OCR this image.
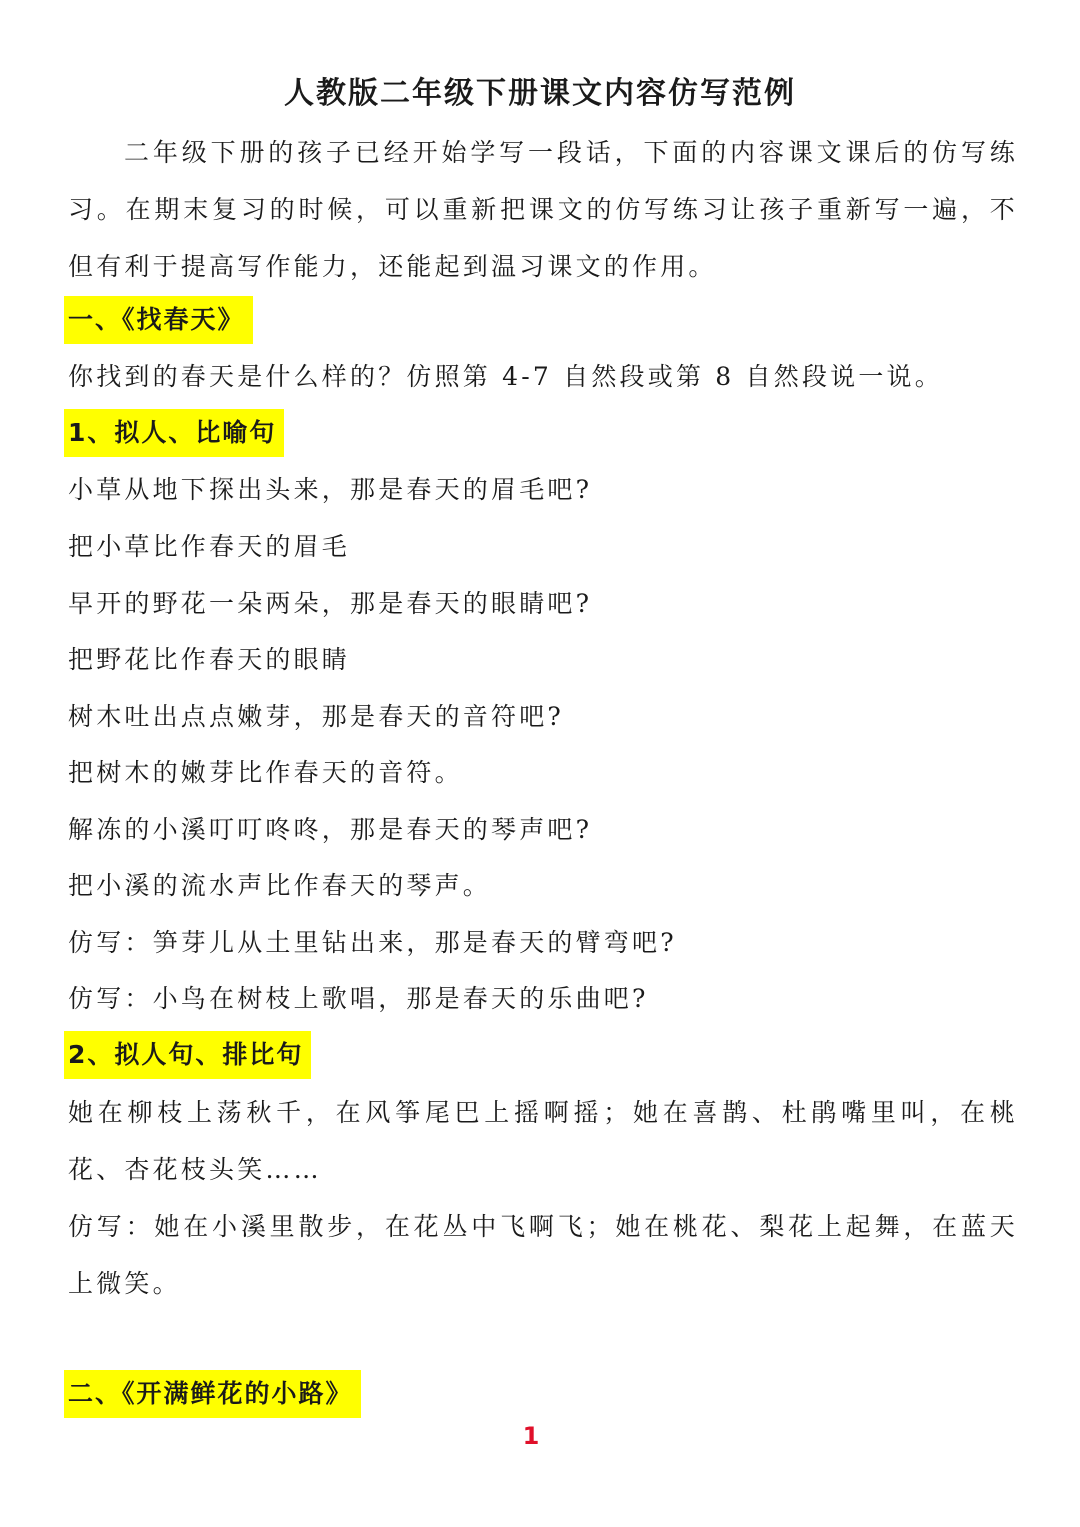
人教版二年级下册课文内容仿写范例

二年级下册的孩子已经开始学写一段话，下面的内容课文课后的仿写练习。在期末复习的时候，可以重新把课文的仿写练习让孩子重新写一遍，不但有利于提高写作能力，还能起到温习课文的作用。

一、《找春天》
你找到的春天是什么样的？仿照第 4-7 自然段或第 8 自然段说一说。
1、拟人、比喻句
小草从地下探出头来，那是春天的眉毛吧?
把小草比作春天的眉毛
早开的野花一朵两朵，那是春天的眼睛吧?
把野花比作春天的眼睛
树木吐出点点嫩芽，那是春天的音符吧?
把树木的嫩芽比作春天的音符。
解冻的小溪叮叮咚咚，那是春天的琴声吧?
把小溪的流水声比作春天的琴声。
仿写：笋芽儿从土里钻出来，那是春天的臂弯吧?
仿写：小鸟在树枝上歌唱，那是春天的乐曲吧?
2、拟人句、排比句

她在柳枝上荡秋千，在风筝尾巴上摇啊摇；她在喜鹊、杜鹃嘴里叫，在桃花、杏花枝头笑……

仿写：她在小溪里散步，在花丛中飞啊飞；她在桃花、梨花上起舞，在蓝天上微笑。

二、《开满鲜花的小路》
1
